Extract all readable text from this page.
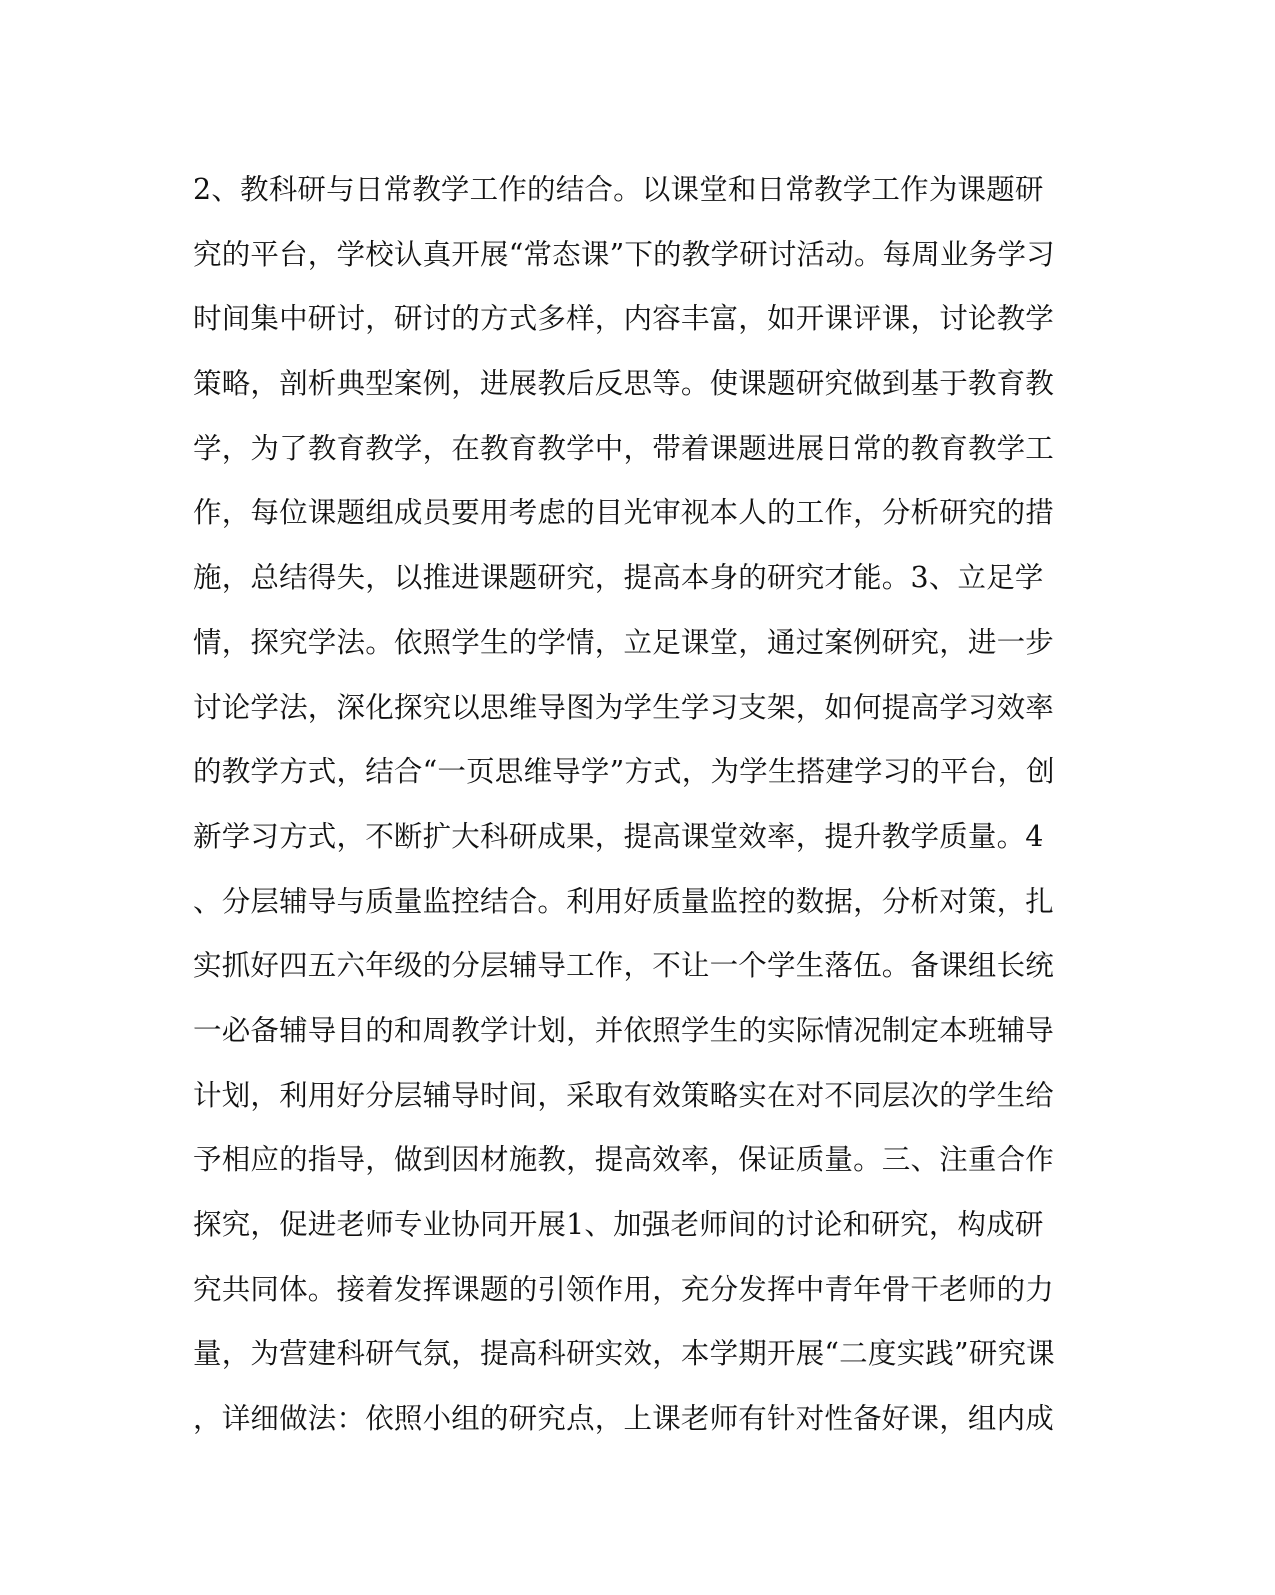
2、教科研与日常教学工作的结合。以课堂和日常教学工作为课题研
究的平台，学校认真开展“常态课”下的教学研讨活动。每周业务学习
时间集中研讨，研讨的方式多样，内容丰富，如开课评课，讨论教学
策略，剖析典型案例，进展教后反思等。使课题研究做到基于教育教
学，为了教育教学，在教育教学中，带着课题进展日常的教育教学工
作，每位课题组成员要用考虑的目光审视本人的工作，分析研究的措
施，总结得失，以推进课题研究，提高本身的研究才能。3、立足学
情，探究学法。依照学生的学情，立足课堂，通过案例研究，进一步
讨论学法，深化探究以思维导图为学生学习支架，如何提高学习效率
的教学方式，结合“一页思维导学”方式，为学生搭建学习的平台，创
新学习方式，不断扩大科研成果，提高课堂效率，提升教学质量。4
、分层辅导与质量监控结合。利用好质量监控的数据，分析对策，扎
实抓好四五六年级的分层辅导工作，不让一个学生落伍。备课组长统
一必备辅导目的和周教学计划，并依照学生的实际情况制定本班辅导
计划，利用好分层辅导时间，采取有效策略实在对不同层次的学生给
予相应的指导，做到因材施教，提高效率，保证质量。三、注重合作
探究，促进老师专业协同开展1、加强老师间的讨论和研究，构成研
究共同体。接着发挥课题的引领作用，充分发挥中青年骨干老师的力
量，为营建科研气氛，提高科研实效，本学期开展“二度实践”研究课
，详细做法：依照小组的研究点，上课老师有针对性备好课，组内成
